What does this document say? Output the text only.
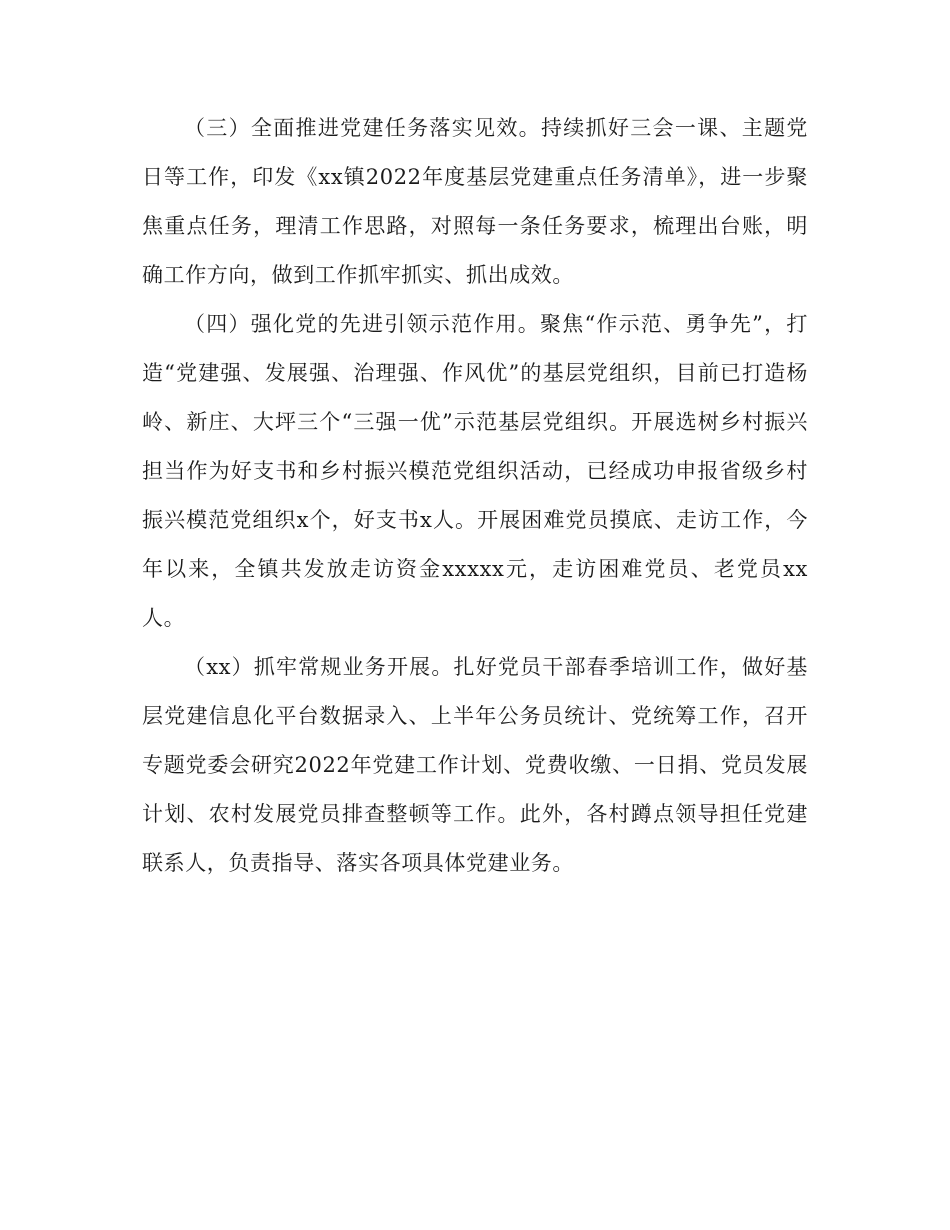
（三）全面推进党建任务落实见效。持续抓好三会一课、主题党日等工作，印发《xx镇2022年度基层党建重点任务清单》，进一步聚焦重点任务，理清工作思路，对照每一条任务要求，梳理出台账，明确工作方向，做到工作抓牢抓实、抓出成效。

（四）强化党的先进引领示范作用。聚焦“作示范、勇争先”，打造“党建强、发展强、治理强、作风优”的基层党组织，目前已打造杨岭、新庄、大坪三个“三强一优”示范基层党组织。开展选树乡村振兴担当作为好支书和乡村振兴模范党组织活动，已经成功申报省级乡村振兴模范党组织x个，好支书x人。开展困难党员摸底、走访工作，今年以来，全镇共发放走访资金xxxxx元，走访困难党员、老党员xx人。

（xx）抓牢常规业务开展。扎好党员干部春季培训工作，做好基层党建信息化平台数据录入、上半年公务员统计、党统筹工作，召开专题党委会研究2022年党建工作计划、党费收缴、一日捐、党员发展计划、农村发展党员排查整顿等工作。此外，各村蹲点领导担任党建联系人，负责指导、落实各项具体党建业务。
